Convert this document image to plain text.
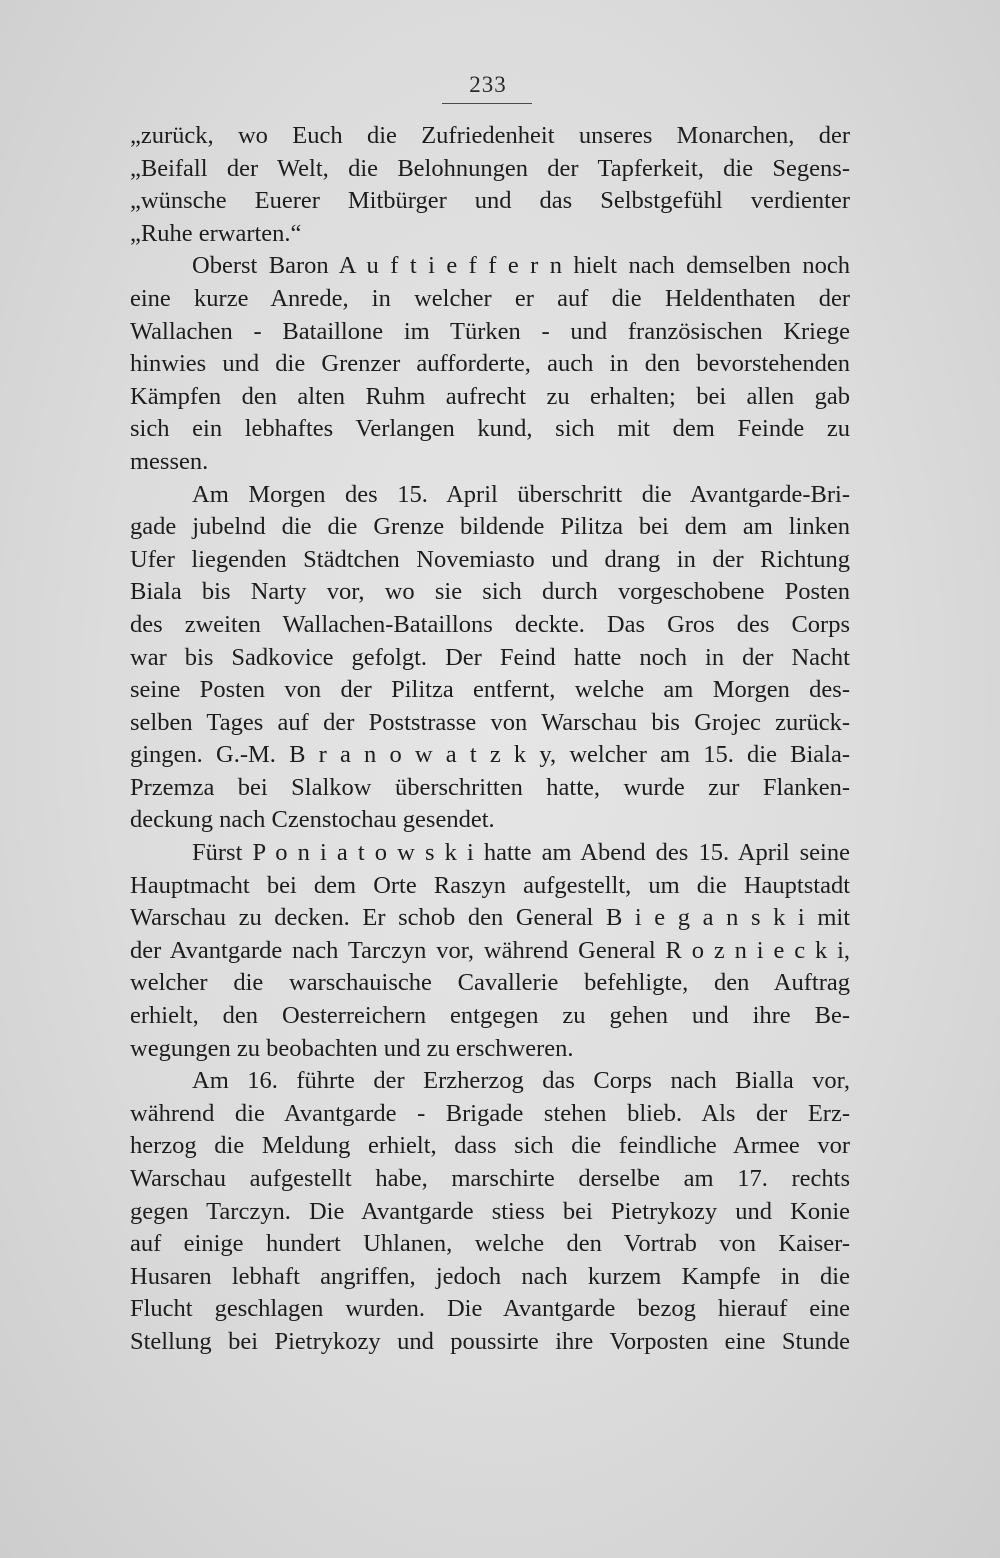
233
„zurück, wo Euch die Zufriedenheit unseres Monarchen, der
„Beifall der Welt, die Belohnungen der Tapferkeit, die Segens-
„wünsche Euerer Mitbürger und das Selbstgefühl verdienter
„Ruhe erwarten.“
Oberst Baron A u f t i e f f e r n hielt nach demselben noch
eine kurze Anrede, in welcher er auf die Heldenthaten der
Wallachen - Bataillone im Türken - und französischen Kriege
hinwies und die Grenzer aufforderte, auch in den bevorstehenden
Kämpfen den alten Ruhm aufrecht zu erhalten; bei allen gab
sich ein lebhaftes Verlangen kund, sich mit dem Feinde zu
messen.
Am Morgen des 15. April überschritt die Avantgarde-Bri-
gade jubelnd die die Grenze bildende Pilitza bei dem am linken
Ufer liegenden Städtchen Novemiasto und drang in der Richtung
Biala bis Narty vor, wo sie sich durch vorgeschobene Posten
des zweiten Wallachen-Bataillons deckte. Das Gros des Corps
war bis Sadkovice gefolgt. Der Feind hatte noch in der Nacht
seine Posten von der Pilitza entfernt, welche am Morgen des-
selben Tages auf der Poststrasse von Warschau bis Grojec zurück-
gingen. G.-M. B r a n o w a t z k y, welcher am 15. die Biala-
Przemza bei Slalkow überschritten hatte, wurde zur Flanken-
deckung nach Czenstochau gesendet.
Fürst P o n i a t o w s k i hatte am Abend des 15. April seine
Hauptmacht bei dem Orte Raszyn aufgestellt, um die Hauptstadt
Warschau zu decken. Er schob den General B i e g a n s k i mit
der Avantgarde nach Tarczyn vor, während General R o z n i e c k i,
welcher die warschauische Cavallerie befehligte, den Auftrag
erhielt, den Oesterreichern entgegen zu gehen und ihre Be-
wegungen zu beobachten und zu erschweren.
Am 16. führte der Erzherzog das Corps nach Bialla vor,
während die Avantgarde - Brigade stehen blieb. Als der Erz-
herzog die Meldung erhielt, dass sich die feindliche Armee vor
Warschau aufgestellt habe, marschirte derselbe am 17. rechts
gegen Tarczyn. Die Avantgarde stiess bei Pietrykozy und Konie
auf einige hundert Uhlanen, welche den Vortrab von Kaiser-
Husaren lebhaft angriffen, jedoch nach kurzem Kampfe in die
Flucht geschlagen wurden. Die Avantgarde bezog hierauf eine
Stellung bei Pietrykozy und poussirte ihre Vorposten eine Stunde
